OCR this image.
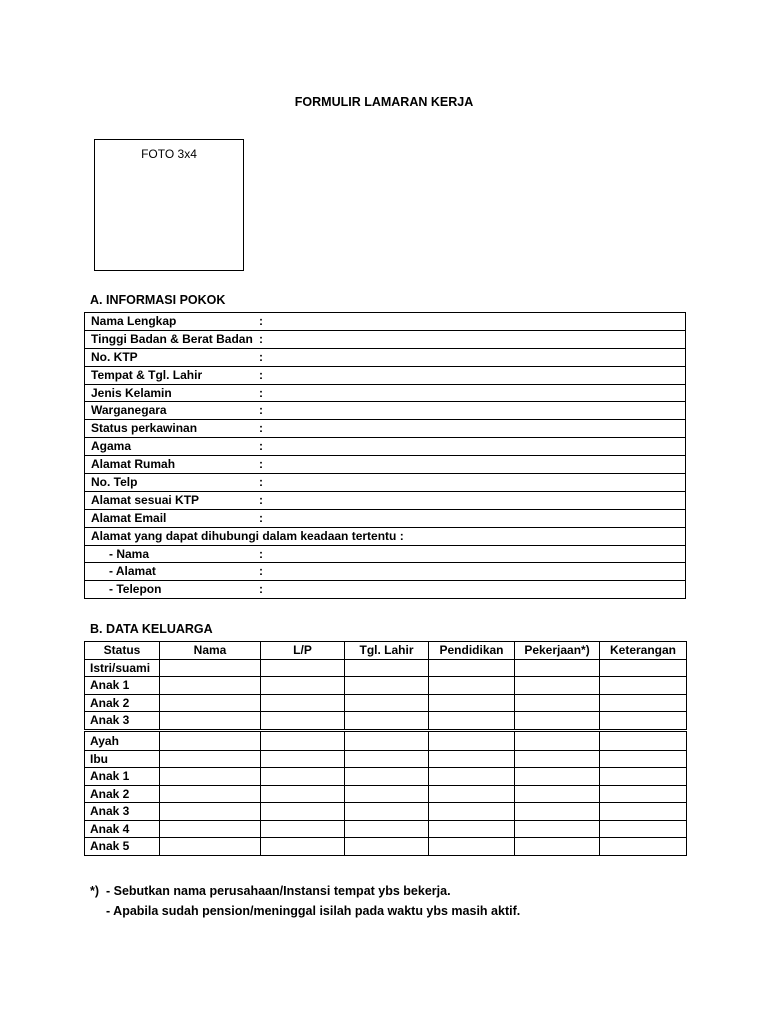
FORMULIR LAMARAN KERJA
FOTO 3x4
A. INFORMASI POKOK
Nama Lengkap	:
Tinggi Badan & Berat Badan :
No. KTP	:
Tempat & Tgl. Lahir	:
Jenis Kelamin	:
Warganegara	:
Status perkawinan	:
Agama	:
Alamat Rumah	:
No. Telp	:
Alamat sesuai KTP	:
Alamat Email	:
Alamat yang dapat dihubungi dalam keadaan tertentu :
- Nama	:
- Alamat	:
- Telepon	:
B. DATA KELUARGA
Status	Nama	L/P	Tgl. Lahir	Pendidikan	Pekerjaan*)	Keterangan
Istri/suami						
Anak 1						
Anak 2						
Anak 3						
Ayah						
Ibu						
Anak 1						
Anak 2						
Anak 3						
Anak 4						
Anak 5						
*) - Sebutkan nama perusahaan/Instansi tempat ybs bekerja.
- Apabila sudah pension/meninggal isilah pada waktu ybs masih aktif.
